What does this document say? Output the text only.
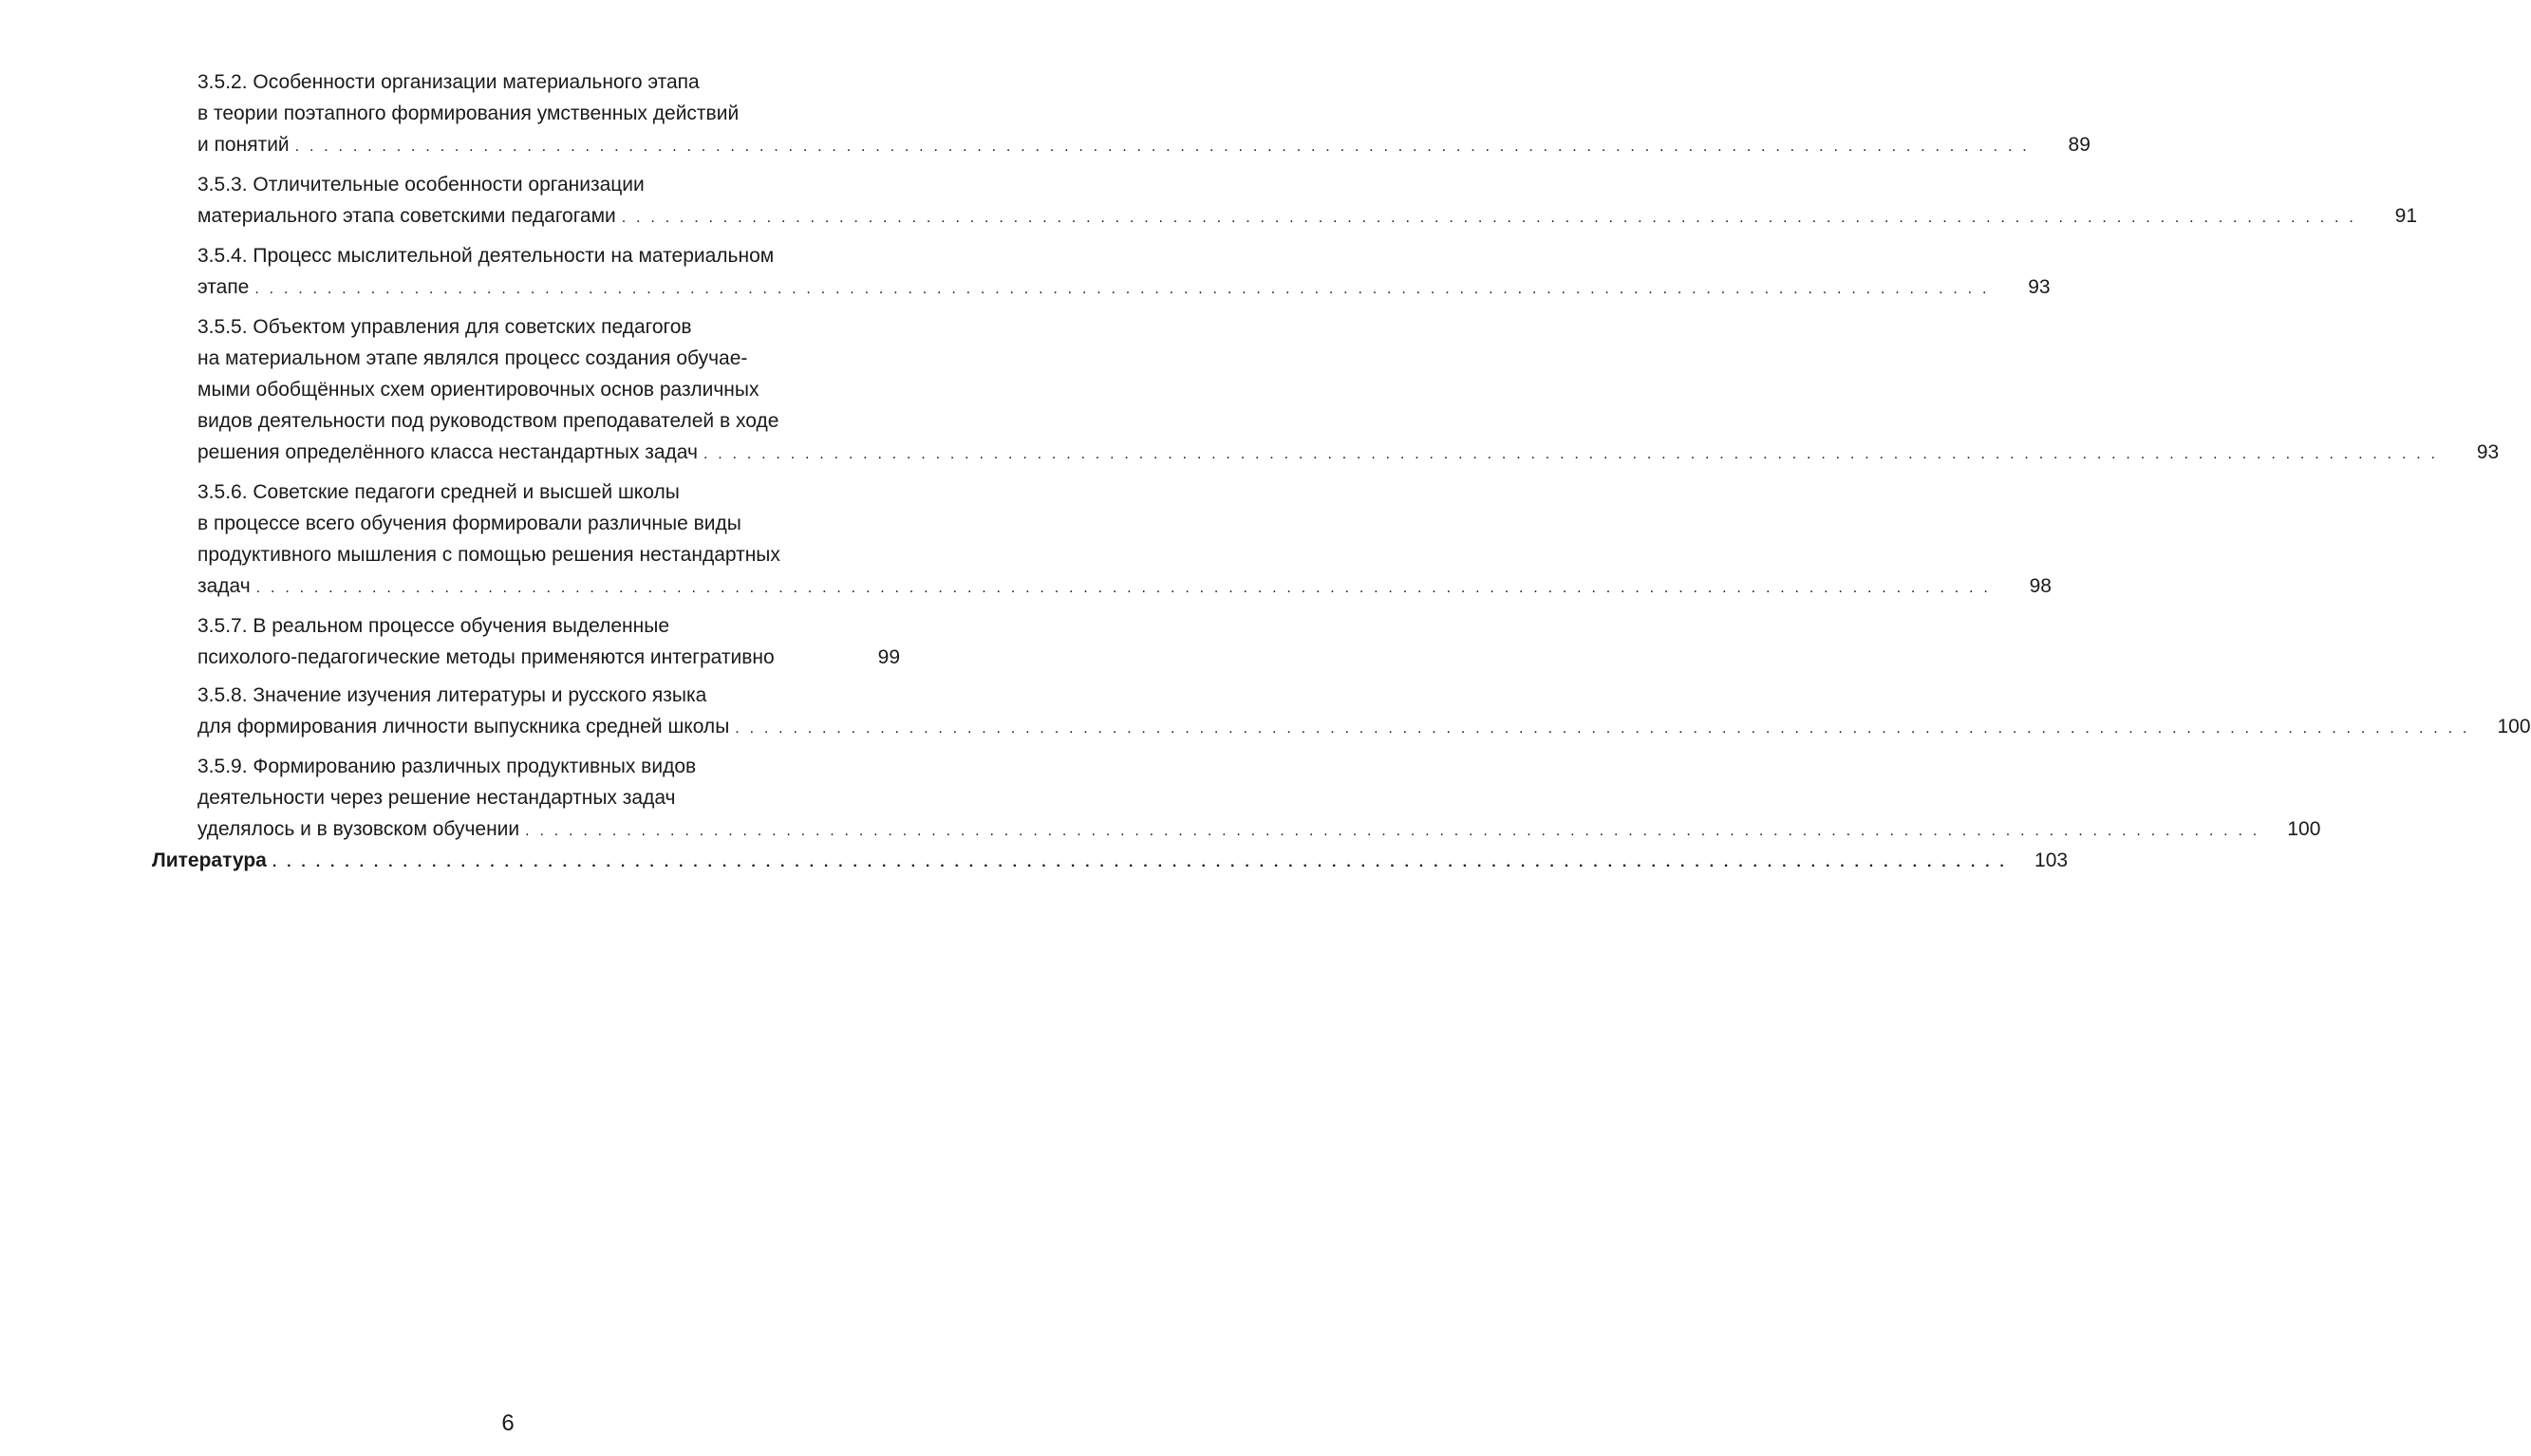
3.5.2. Особенности организации материального этапа
в теории поэтапного формирования умственных действий
и понятий . . . . . . . . . . . . . . . . . . . . . . . . . . . . . . . . . . . . . . . . . . . . . . . . . . . . . . . . . . . . . . . . . . . . . . . . . . . . . . . . . . . . . . . . . . . . . . . . . . . . . . . . . . . . . . . . . . . . . . . .	89
3.5.3. Отличительные особенности организации
материального этапа советскими педагогами . . . . . . . . . . . . . . . . . . . . . . . . . . . . . . . . . . . . . . . . . . . . . . . . . . . . . . . . . . . . . . . . . . . . . . . . . . . . . . . . . . . . . . . . . . . . . . . . . . . . . . . . . . . . . . . . . . . . . . . .	91
3.5.4. Процесс мыслительной деятельности на материальном
этапе . . . . . . . . . . . . . . . . . . . . . . . . . . . . . . . . . . . . . . . . . . . . . . . . . . . . . . . . . . . . . . . . . . . . . . . . . . . . . . . . . . . . . . . . . . . . . . . . . . . . . . . . . . . . . . . . . . . . . . . .	93
3.5.5. Объектом управления для советских педагогов
на материальном этапе являлся процесс создания обучае-
мыми обобщённых схем ориентировочных основ различных
видов деятельности под руководством преподавателей в ходе
решения определённого класса нестандартных задач . . . . . . . . . . . . . . . . . . . . . . . . . . . . . . . . . . . . . . . . . . . . . . . . . . . . . . . . . . . . . . . . . . . . . . . . . . . . . . . . . . . . . . . . . . . . . . . . . . . . . . . . . . . . . . . . . . . . . . . .	93
3.5.6. Советские педагоги средней и высшей школы
в процессе всего обучения формировали различные виды
продуктивного мышления с помощью решения нестандартных
задач . . . . . . . . . . . . . . . . . . . . . . . . . . . . . . . . . . . . . . . . . . . . . . . . . . . . . . . . . . . . . . . . . . . . . . . . . . . . . . . . . . . . . . . . . . . . . . . . . . . . . . . . . . . . . . . . . . . . . . . .	98
3.5.7. В реальном процессе обучения выделенные
психолого-педагогические методы применяются интегративно	99
3.5.8. Значение изучения литературы и русского языка
для формирования личности выпускника средней школы . . . . . . . . . . . . . . . . . . . . . . . . . . . . . . . . . . . . . . . . . . . . . . . . . . . . . . . . . . . . . . . . . . . . . . . . . . . . . . . . . . . . . . . . . . . . . . . . . . . . . . . . . . . . . . . . . . . . . . . .	100
3.5.9. Формированию различных продуктивных видов
деятельности через решение нестандартных задач
уделялось и в вузовском обучении . . . . . . . . . . . . . . . . . . . . . . . . . . . . . . . . . . . . . . . . . . . . . . . . . . . . . . . . . . . . . . . . . . . . . . . . . . . . . . . . . . . . . . . . . . . . . . . . . . . . . . . . . . . . . . . . . . . . . . . .	100
Литература . . . . . . . . . . . . . . . . . . . . . . . . . . . . . . . . . . . . . . . . . . . . . . . . . . . . . . . . . . . . . . . . . . . . . . . . . . . . . . . . . . . . . . . . . . . . . . . . . . . . . . . . . . . . . . . . . . . . . . . .	103
6
